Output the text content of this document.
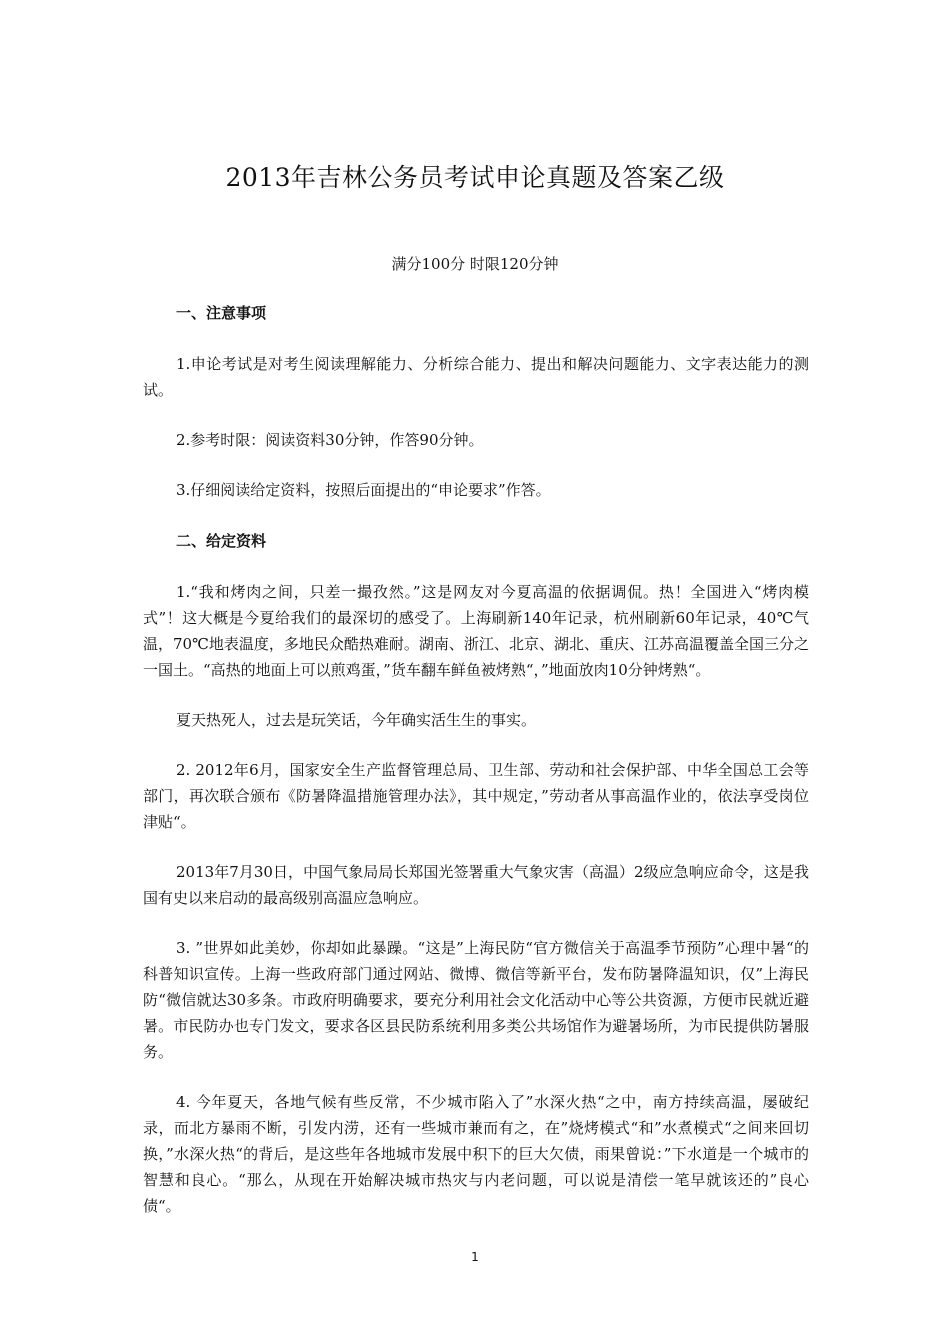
2013年吉林公务员考试申论真题及答案乙级
满分100分 时限120分钟

一、注意事项

1.申论考试是对考生阅读理解能力、分析综合能力、提出和解决问题能力、文字表达能力的测试。

2.参考时限：阅读资料30分钟，作答90分钟。

3.仔细阅读给定资料，按照后面提出的“申论要求”作答。

二、给定资料

1.“我和烤肉之间，只差一撮孜然。”这是网友对今夏高温的依据调侃。热！全国进入“烤肉模式”！这大概是今夏给我们的最深切的感受了。上海刷新140年记录，杭州刷新60年记录，40℃气温，70℃地表温度，多地民众酷热难耐。湖南、浙江、北京、湖北、重庆、江苏高温覆盖全国三分之一国土。“高热的地面上可以煎鸡蛋，”货车翻车鲜鱼被烤熟“，”地面放肉10分钟烤熟“。

夏天热死人，过去是玩笑话，今年确实活生生的事实。

2. 2012年6月，国家安全生产监督管理总局、卫生部、劳动和社会保护部、中华全国总工会等部门，再次联合颁布《防暑降温措施管理办法》，其中规定，”劳动者从事高温作业的，依法享受岗位津贴“。

2013年7月30日，中国气象局局长郑国光签署重大气象灾害（高温）2级应急响应命令，这是我国有史以来启动的最高级别高温应急响应。

3. ”世界如此美妙，你却如此暴躁。“这是”上海民防“官方微信关于高温季节预防”心理中暑“的科普知识宣传。上海一些政府部门通过网站、微博、微信等新平台，发布防暑降温知识，仅”上海民防“微信就达30多条。市政府明确要求，要充分利用社会文化活动中心等公共资源，方便市民就近避暑。市民防办也专门发文，要求各区县民防系统利用多类公共场馆作为避暑场所，为市民提供防暑服务。

4. 今年夏天，各地气候有些反常，不少城市陷入了”水深火热“之中，南方持续高温，屡破纪录，而北方暴雨不断，引发内涝，还有一些城市兼而有之，在”烧烤模式“和”水煮模式“之间来回切换，”水深火热“的背后，是这些年各地城市发展中积下的巨大欠债，雨果曾说：”下水道是一个城市的智慧和良心。“那么，从现在开始解决城市热灾与内老问题，可以说是清偿一笔早就该还的”良心债“。

1
